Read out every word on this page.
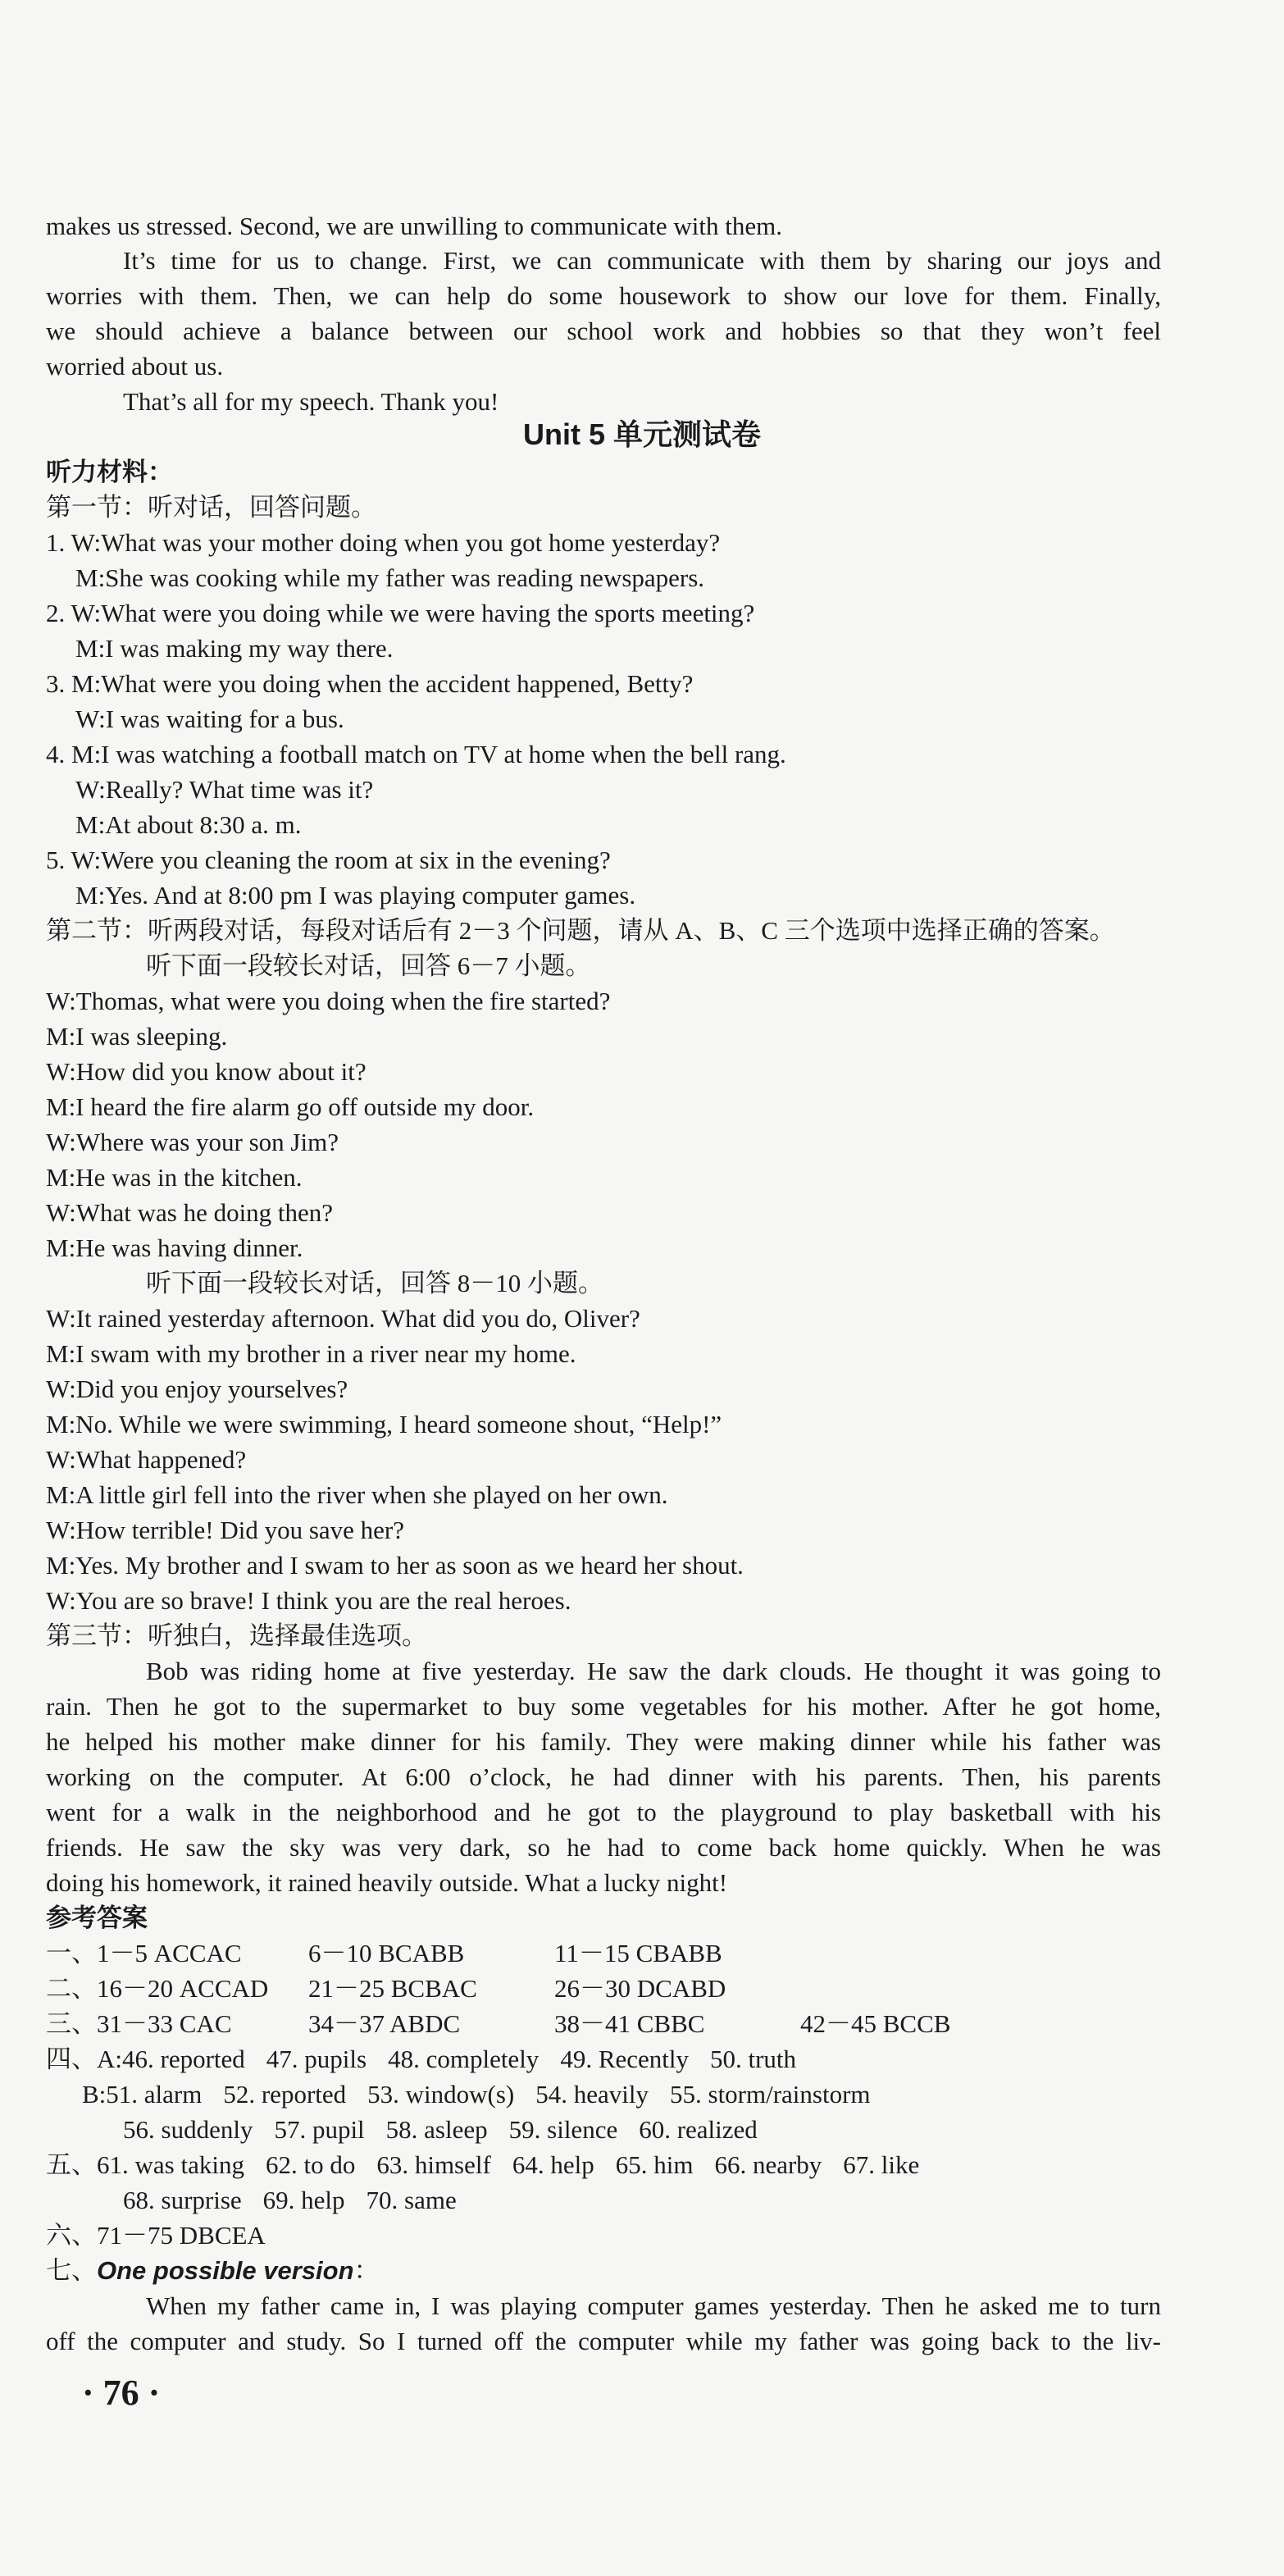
makes us stressed. Second, we are unwilling to communicate with them.
It’s time for us to change. First, we can communicate with them by sharing our joys and
worries with them. Then, we can help do some housework to show our love for them. Finally,
we should achieve a balance between our school work and hobbies so that they won’t feel
worried about us.
That’s all for my speech. Thank you!
Unit 5 单元测试卷
听力材料：
第一节：听对话，回答问题。
1. W:What was your mother doing when you got home yesterday?
M:She was cooking while my father was reading newspapers.
2. W:What were you doing while we were having the sports meeting?
M:I was making my way there.
3. M:What were you doing when the accident happened, Betty?
W:I was waiting for a bus.
4. M:I was watching a football match on TV at home when the bell rang.
W:Really? What time was it?
M:At about 8:30 a. m.
5. W:Were you cleaning the room at six in the evening?
M:Yes. And at 8:00 pm I was playing computer games.
第二节：听两段对话，每段对话后有 2－3 个问题，请从 A、B、C 三个选项中选择正确的答案。
听下面一段较长对话，回答 6－7 小题。
W:Thomas, what were you doing when the fire started?
M:I was sleeping.
W:How did you know about it?
M:I heard the fire alarm go off outside my door.
W:Where was your son Jim?
M:He was in the kitchen.
W:What was he doing then?
M:He was having dinner.
听下面一段较长对话，回答 8－10 小题。
W:It rained yesterday afternoon. What did you do, Oliver?
M:I swam with my brother in a river near my home.
W:Did you enjoy yourselves?
M:No. While we were swimming, I heard someone shout, “Help!”
W:What happened?
M:A little girl fell into the river when she played on her own.
W:How terrible! Did you save her?
M:Yes. My brother and I swam to her as soon as we heard her shout.
W:You are so brave! I think you are the real heroes.
第三节：听独白，选择最佳选项。
Bob was riding home at five yesterday. He saw the dark clouds. He thought it was going to
rain. Then he got to the supermarket to buy some vegetables for his mother. After he got home,
he helped his mother make dinner for his family. They were making dinner while his father was
working on the computer. At 6:00 o’clock, he had dinner with his parents. Then, his parents
went for a walk in the neighborhood and he got to the playground to play basketball with his
friends. He saw the sky was very dark, so he had to come back home quickly. When he was
doing his homework, it rained heavily outside. What a lucky night!
参考答案
一、1－5 ACCAC	6－10 BCABB	11－15 CBABB
二、16－20 ACCAD 21－25 BCBAC	26－30 DCABD
三、31－33 CAC	34－37 ABDC	38－41 CBBC	42－45 BCCB
四、A:46. reported 47. pupils 48. completely 49. Recently 50. truth
B:51. alarm 52. reported 53. window(s) 54. heavily 55. storm/rainstorm
56. suddenly 57. pupil 58. asleep 59. silence 60. realized
五、61. was taking 62. to do 63. himself 64. help 65. him 66. nearby 67. like
68. surprise 69. help 70. same
六、71－75 DBCEA
七、One possible version：
When my father came in, I was playing computer games yesterday. Then he asked me to turn
off the computer and study. So I turned off the computer while my father was going back to the liv-
· 76 ·
